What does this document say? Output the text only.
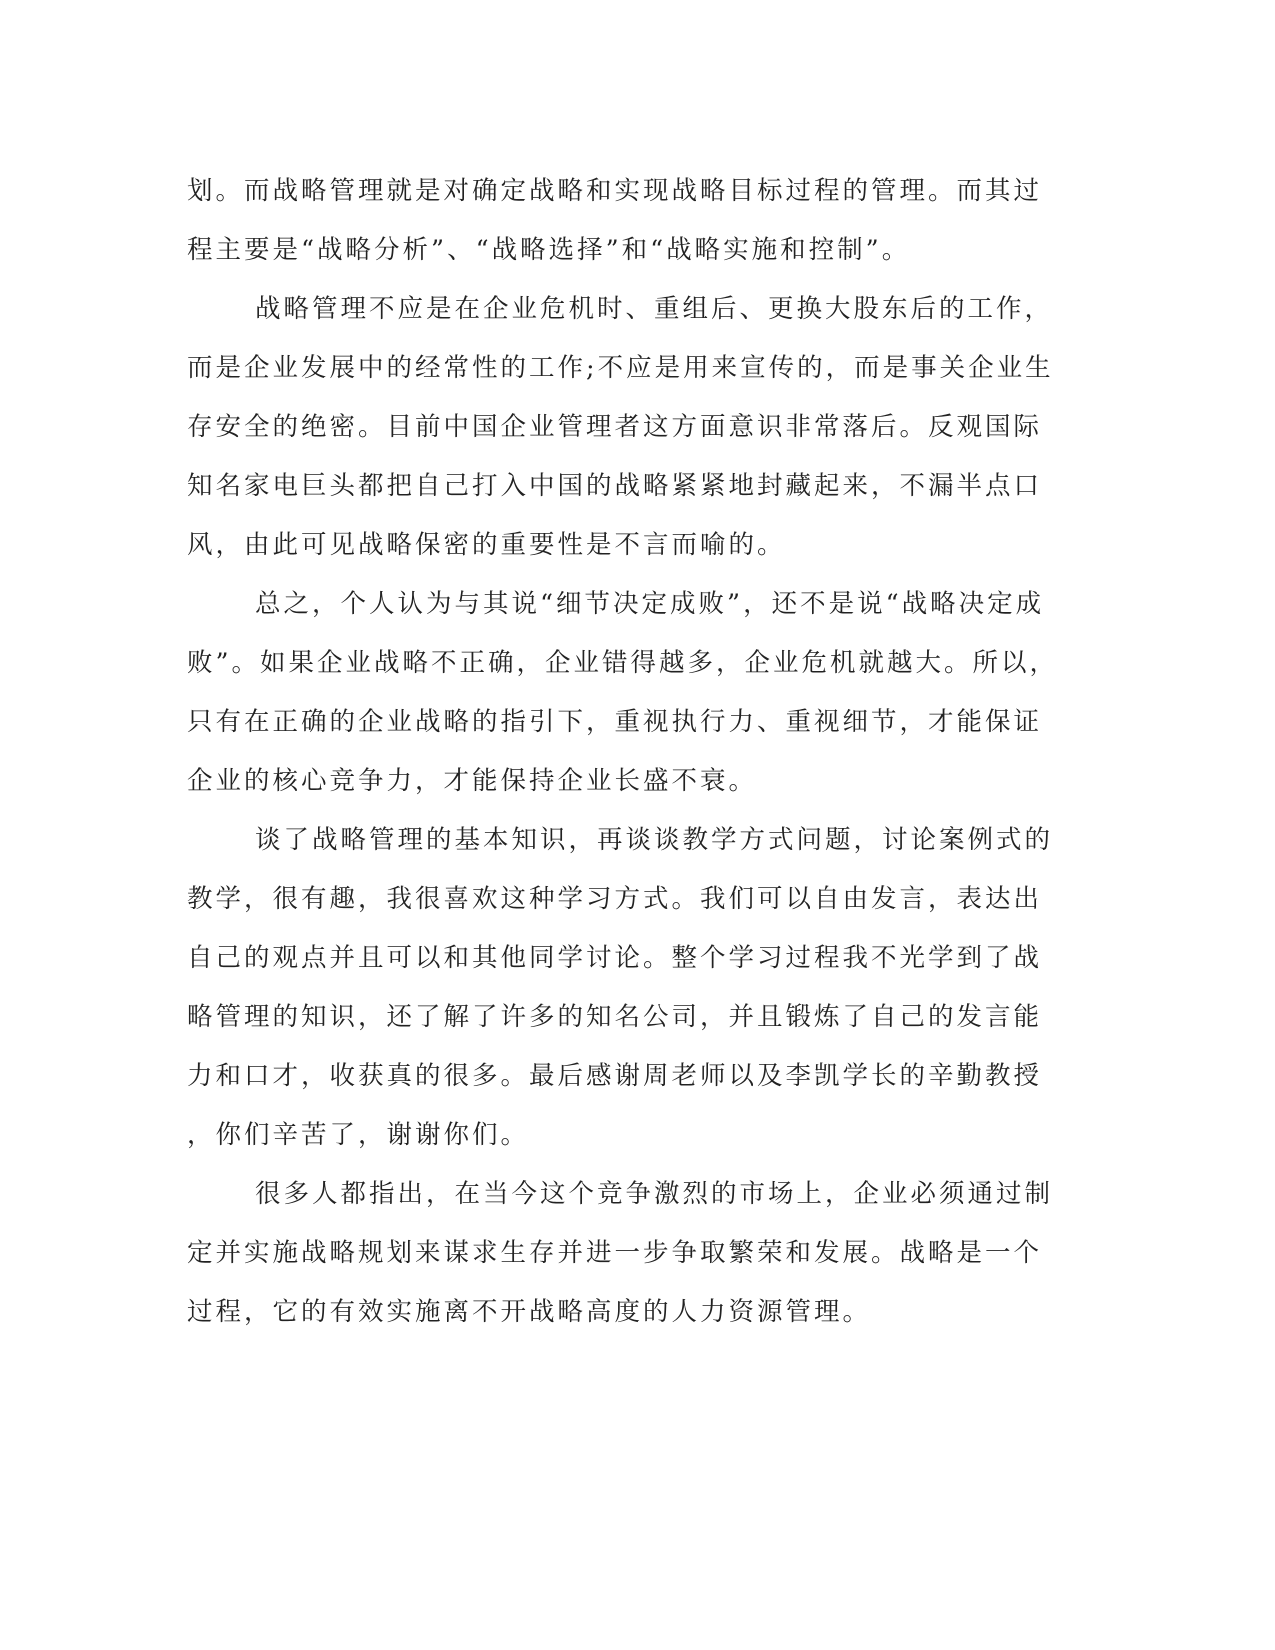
划。而战略管理就是对确定战略和实现战略目标过程的管理。而其过
程主要是“战略分析”、“战略选择”和“战略实施和控制”。
战略管理不应是在企业危机时、重组后、更换大股东后的工作，
而是企业发展中的经常性的工作;不应是用来宣传的，而是事关企业生
存安全的绝密。目前中国企业管理者这方面意识非常落后。反观国际
知名家电巨头都把自己打入中国的战略紧紧地封藏起来，不漏半点口
风，由此可见战略保密的重要性是不言而喻的。
总之，个人认为与其说“细节决定成败”，还不是说“战略决定成
败”。如果企业战略不正确，企业错得越多，企业危机就越大。所以，
只有在正确的企业战略的指引下，重视执行力、重视细节，才能保证
企业的核心竞争力，才能保持企业长盛不衰。
谈了战略管理的基本知识，再谈谈教学方式问题，讨论案例式的
教学，很有趣，我很喜欢这种学习方式。我们可以自由发言，表达出
自己的观点并且可以和其他同学讨论。整个学习过程我不光学到了战
略管理的知识，还了解了许多的知名公司，并且锻炼了自己的发言能
力和口才，收获真的很多。最后感谢周老师以及李凯学长的辛勤教授
，你们辛苦了，谢谢你们。
很多人都指出，在当今这个竞争激烈的市场上，企业必须通过制
定并实施战略规划来谋求生存并进一步争取繁荣和发展。战略是一个
过程，它的有效实施离不开战略高度的人力资源管理。
